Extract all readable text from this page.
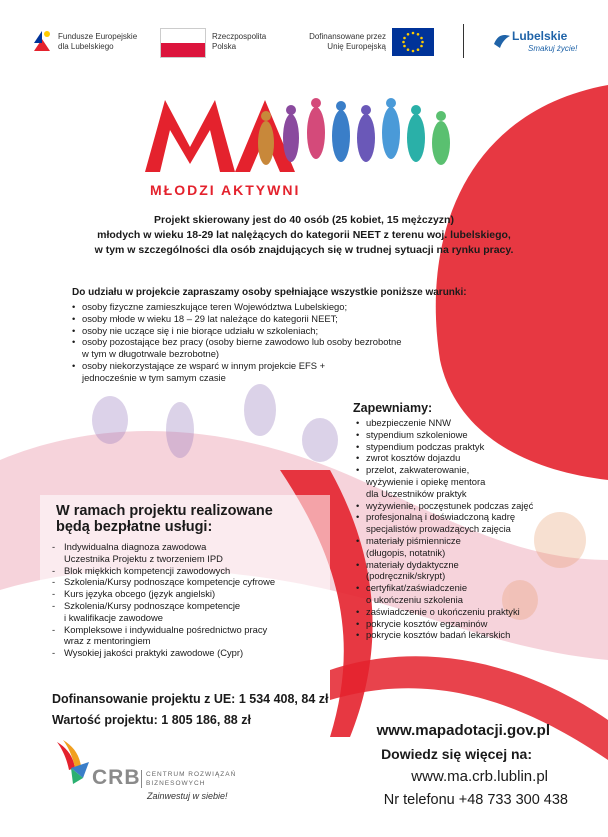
Fundusze Europejskie
dla Lubelskiego
Rzeczpospolita
Polska
Dofinansowane przez
Unię Europejską
Lubelskie
Smakuj życie!
MŁODZI AKTYWNI
Projekt skierowany jest do 40 osób (25 kobiet, 15 mężczyzn)
młodych w wieku 18-29 lat nalężących do kategorii NEET z terenu woj. lubelskiego,
w tym w szczególności dla osób znajdujących się w trudnej sytuacji na rynku pracy.
Do udziału w projekcie zapraszamy osoby spełniające wszystkie poniższe warunki:
• osoby fizyczne zamieszkujące teren Województwa Lubelskiego;
• osoby młode w wieku 18 – 29 lat należące do kategorii NEET;
• osoby nie uczące się i nie biorące udziału w szkoleniach;
• osoby pozostające bez pracy (osoby bierne zawodowo lub osoby bezrobotne
w tym w długotrwale bezrobotne)
• osoby niekorzystające ze wsparć w innym projekcie EFS +
jednocześnie w tym samym czasie
Zapewniamy:
• ubezpieczenie NNW
• stypendium szkoleniowe
• stypendium podczas praktyk
• zwrot kosztów dojazdu
• przelot, zakwaterowanie,
wyżywienie i opiekę mentora
dla Uczestników praktyk
• wyżywienie, poczęstunek podczas zajęć
• profesjonalną i doświadczoną kadrę
specjalistów prowadzących zajęcia
• materiały piśmiennicze
(długopis, notatnik)
• materiały dydaktyczne
(podręcznik/skrypt)
• certyfikat/zaświadczenie
o ukończeniu szkolenia
• zaświadczenie o ukończeniu praktyki
• pokrycie kosztów egzaminów
• pokrycie kosztów badań lekarskich
W ramach projektu realizowane
będą bezpłatne usługi:
- Indywidualna diagnoza zawodowa
Uczestnika Projektu z tworzeniem IPD
- Blok miękkich kompetencji zawodowych
- Szkolenia/Kursy podnoszące kompetencje cyfrowe
- Kurs języka obcego (język angielski)
- Szkolenia/Kursy podnoszące kompetencje
i kwalifikacje zawodowe
- Kompleksowe i indywidualne pośrednictwo pracy
wraz z mentoringiem
- Wysokiej jakości praktyki zawodowe (Cypr)
Dofinansowanie projektu z UE: 1 534 408, 84 zł
Wartość projektu: 1 805 186, 88 zł
www.mapadotacji.gov.pl
Dowiedz się więcej na:
www.ma.crb.lublin.pl
Nr telefonu +48 733 300 438
CRB CENTRUM ROZWIĄZAŃ
BIZNESOWYCH
Zainwestuj w siebie!
